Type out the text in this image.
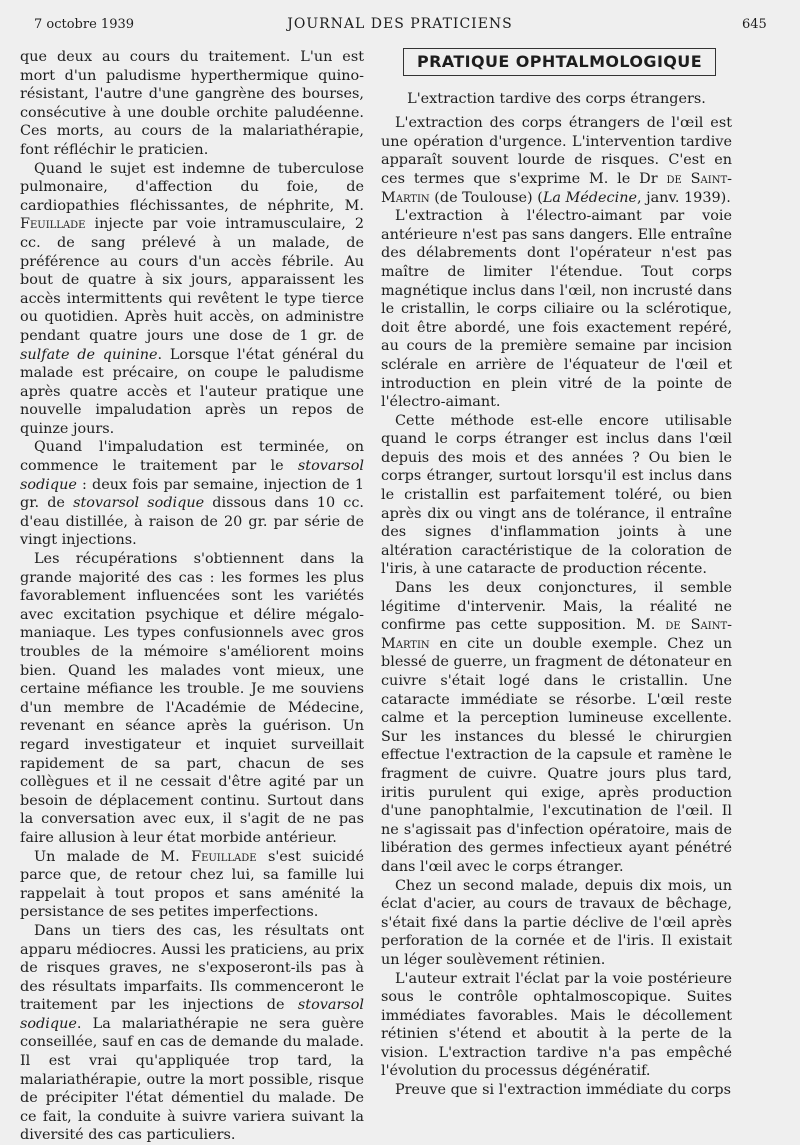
7 octobre 1939	JOURNAL DES PRATICIENS	645

que deux au cours du traitement. L'un est mort d'un paludisme hyperthermique quino-résistant, l'autre d'une gangrène des bourses, consécutive à une double orchite paludéenne. Ces morts, au cours de la malariathérapie, font réfléchir le praticien.

Quand le sujet est indemne de tuberculose pulmonaire, d'affection du foie, de cardiopathies fléchissantes, de néphrite, M. Feuillade injecte par voie intramusculaire, 2 cc. de sang prélevé à un malade, de préférence au cours d'un accès fébrile. Au bout de quatre à six jours, apparaissent les accès intermittents qui revêtent le type tierce ou quotidien. Après huit accès, on administre pendant quatre jours une dose de 1 gr. de sulfate de quinine. Lorsque l'état général du malade est précaire, on coupe le paludisme après quatre accès et l'auteur pratique une nouvelle impaludation après un repos de quinze jours.

Quand l'impaludation est terminée, on commence le traitement par le stovarsol sodique : deux fois par semaine, injection de 1 gr. de stovarsol sodique dissous dans 10 cc. d'eau distillée, à raison de 20 gr. par série de vingt injections.

Les récupérations s'obtiennent dans la grande majorité des cas : les formes les plus favorablement influencées sont les variétés avec excitation psychique et délire mégalo-maniaque. Les types confusionnels avec gros troubles de la mémoire s'améliorent moins bien. Quand les malades vont mieux, une certaine méfiance les trouble. Je me souviens d'un membre de l'Académie de Médecine, revenant en séance après la guérison. Un regard investigateur et inquiet surveillait rapidement de sa part, chacun de ses collègues et il ne cessait d'être agité par un besoin de déplacement continu. Surtout dans la conversation avec eux, il s'agit de ne pas faire allusion à leur état morbide antérieur.

Un malade de M. Feuillade s'est suicidé parce que, de retour chez lui, sa famille lui rappelait à tout propos et sans aménité la persistance de ses petites imperfections.

Dans un tiers des cas, les résultats ont apparu médiocres. Aussi les praticiens, au prix de risques graves, ne s'exposeront-ils pas à des résultats imparfaits. Ils commenceront le traitement par les injections de stovarsol sodique. La malariathérapie ne sera guère conseillée, sauf en cas de demande du malade. Il est vrai qu'appliquée trop tard, la malariathérapie, outre la mort possible, risque de précipiter l'état démentiel du malade. De ce fait, la conduite à suivre variera suivant la diversité des cas particuliers.

PRATIQUE OPHTALMOLOGIQUE
L'extraction tardive des corps étrangers.

L'extraction des corps étrangers de l'œil est une opération d'urgence. L'intervention tardive apparaît souvent lourde de risques. C'est en ces termes que s'exprime M. le Dr de Saint-Martin (de Toulouse) (La Médecine, janv. 1939).

L'extraction à l'électro-aimant par voie antérieure n'est pas sans dangers. Elle entraîne des délabrements dont l'opérateur n'est pas maître de limiter l'étendue. Tout corps magnétique inclus dans l'œil, non incrusté dans le cristallin, le corps ciliaire ou la sclérotique, doit être abordé, une fois exactement repéré, au cours de la première semaine par incision sclérale en arrière de l'équateur de l'œil et introduction en plein vitré de la pointe de l'électro-aimant.

Cette méthode est-elle encore utilisable quand le corps étranger est inclus dans l'œil depuis des mois et des années ? Ou bien le corps étranger, surtout lorsqu'il est inclus dans le cristallin est parfaitement toléré, ou bien après dix ou vingt ans de tolérance, il entraîne des signes d'inflammation joints à une altération caractéristique de la coloration de l'iris, à une cataracte de production récente.

Dans les deux conjonctures, il semble légitime d'intervenir. Mais, la réalité ne confirme pas cette supposition. M. de Saint-Martin en cite un double exemple. Chez un blessé de guerre, un fragment de détonateur en cuivre s'était logé dans le cristallin. Une cataracte immédiate se résorbe. L'œil reste calme et la perception lumineuse excellente. Sur les instances du blessé le chirurgien effectue l'extraction de la capsule et ramène le fragment de cuivre. Quatre jours plus tard, iritis purulent qui exige, après production d'une panophtalmie, l'excutination de l'œil. Il ne s'agissait pas d'infection opératoire, mais de libération des germes infectieux ayant pénétré dans l'œil avec le corps étranger.

Chez un second malade, depuis dix mois, un éclat d'acier, au cours de travaux de bêchage, s'était fixé dans la partie déclive de l'œil après perforation de la cornée et de l'iris. Il existait un léger soulèvement rétinien.

L'auteur extrait l'éclat par la voie postérieure sous le contrôle ophtalmoscopique. Suites immédiates favorables. Mais le décollement rétinien s'étend et aboutit à la perte de la vision. L'extraction tardive n'a pas empêché l'évolution du processus dégénératif.

Preuve que si l'extraction immédiate du corps
